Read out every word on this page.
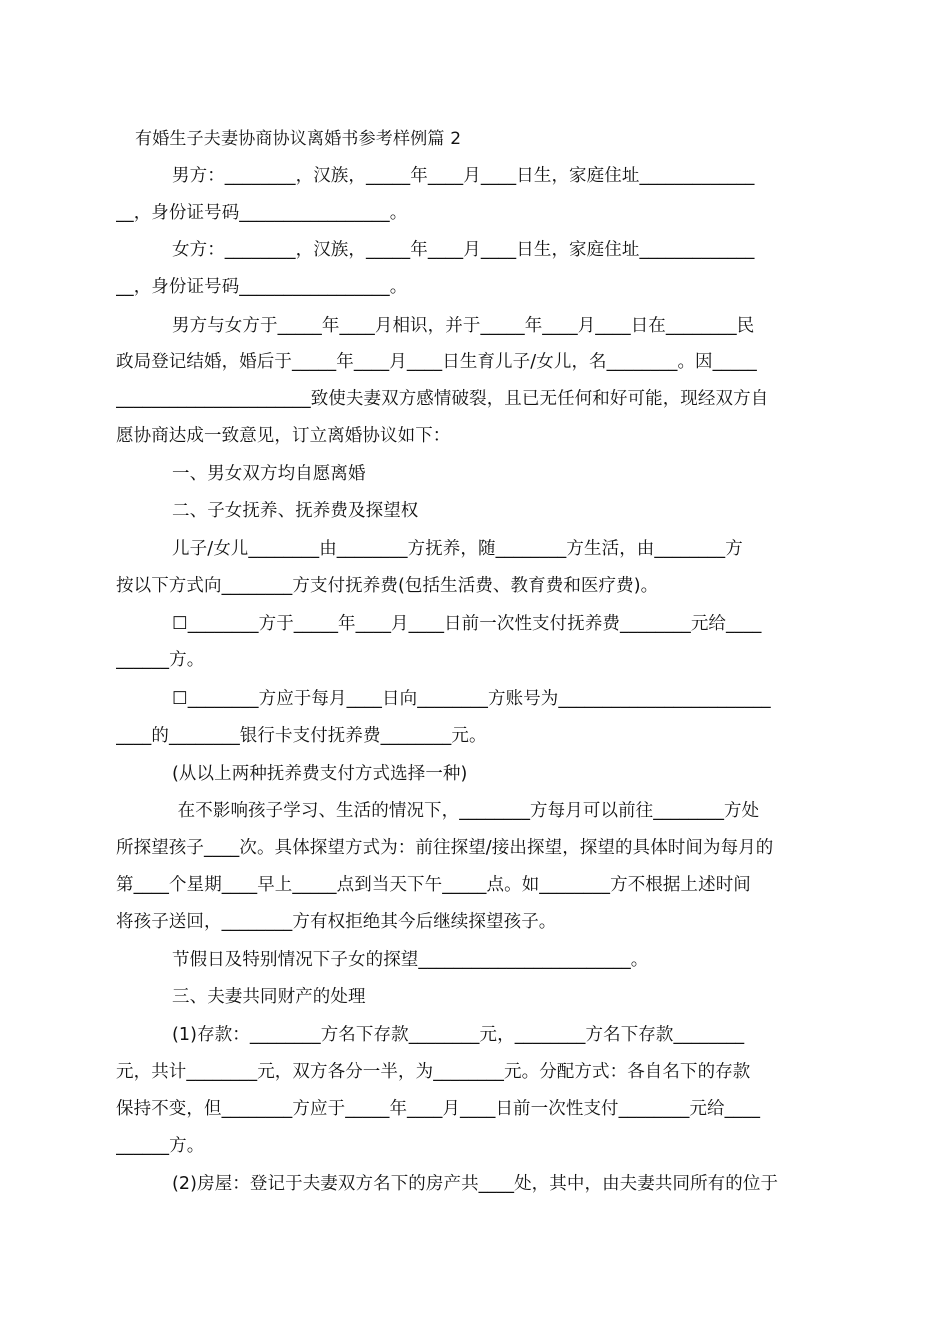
有婚生子夫妻协商协议离婚书参考样例篇 2
男方：________，汉族，_____年____月____日生，家庭住址_____________
__，身份证号码_________________。
女方：________，汉族，_____年____月____日生，家庭住址_____________
__，身份证号码_________________。
男方与女方于_____年____月相识，并于_____年____月____日在________民
政局登记结婚，婚后于_____年____月____日生育儿子/女儿，名________。因_____
______________________致使夫妻双方感情破裂，且已无任何和好可能，现经双方自
愿协商达成一致意见，订立离婚协议如下：
一、男女双方均自愿离婚
二、子女抚养、抚养费及探望权
儿子/女儿________由________方抚养，随________方生活，由________方
按以下方式向________方支付抚养费(包括生活费、教育费和医疗费)。
☐________方于_____年____月____日前一次性支付抚养费________元给____
______方。
☐________方应于每月____日向________方账号为________________________
____的________银行卡支付抚养费________元。
(从以上两种抚养费支付方式选择一种)
在不影响孩子学习、生活的情况下，________方每月可以前往________方处
所探望孩子____次。具体探望方式为：前往探望/接出探望，探望的具体时间为每月的
第____个星期____早上_____点到当天下午_____点。如________方不根据上述时间
将孩子送回，________方有权拒绝其今后继续探望孩子。
节假日及特别情况下子女的探望________________________。
三、夫妻共同财产的处理
(1)存款：________方名下存款________元，________方名下存款________
元，共计________元，双方各分一半，为________元。分配方式：各自名下的存款
保持不变，但________方应于_____年____月____日前一次性支付________元给____
______方。
(2)房屋：登记于夫妻双方名下的房产共____处，其中，由夫妻共同所有的位于
